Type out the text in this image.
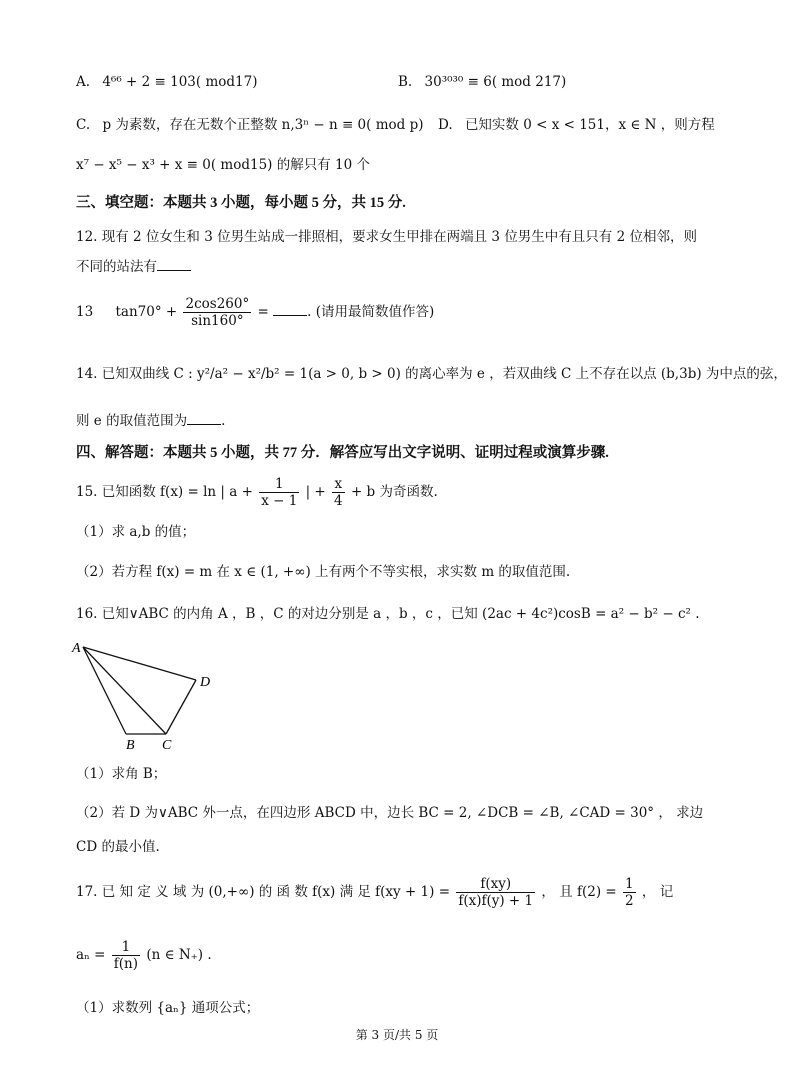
A. 4⁶⁶ + 2 ≡ 103( mod17)	B. 30³⁰³⁰ ≡ 6( mod 217)
C. p 为素数，存在无数个正整数 n,3ⁿ − n ≡ 0( mod p) D. 已知实数 0 < x < 151，x ∈ N ，则方程
x⁷ − x⁵ − x³ + x ≡ 0( mod15) 的解只有 10 个
三、填空题：本题共 3 小题，每小题 5 分，共 15 分.
12. 现有 2 位女生和 3 位男生站成一排照相，要求女生甲排在两端且 3 位男生中有且只有 2 位相邻，则
不同的站法有
13 $\tan 70^\circ + \frac{2\cos 260^\circ}{\sin 160^\circ}$ =	. (请用最简数值作答)
14. 已知双曲线 C : y²/a² − x²/b² = 1(a > 0, b > 0) 的离心率为 e ，若双曲线 C 上不存在以点 (b,3b) 为中点的弦，
则 e 的取值范围为	.
四、解答题：本题共 5 小题，共 77 分．解答应写出文字说明、证明过程或演算步骤.
15. 已知函数 f(x) = ln | $a + \frac{1}{x - 1}$ | + $\frac{x}{4} + b$ 为奇函数.
（1）求 a,b 的值；
（2）若方程 f(x) = m 在 x ∈ (1, +∞) 上有两个不等实根，求实数 m 的取值范围.
16. 已知∨ABC 的内角 A ，B ，C 的对边分别是 a ，b ，c ，已知 (2ac + 4c²)cosB = a² − b² − c² .
A
D
B C
（1）求角 B；
（2）若 D 为∨ABC 外一点，在四边形 ABCD 中，边长 BC = 2, ∠DCB = ∠B, ∠CAD = 30° ， 求边
CD 的最小值.
17. 已 知 定 义 域 为 (0,+∞) 的 函 数 f(x) 满 足 $f(xy + 1) = \frac{f(xy)}{f(x)f(y) + 1}$ ， 且 $f(2) = \frac{1}{2}$ ， 记
$a_n = \frac{1}{f(n)} (n$ ∈ N₊) .
（1）求数列 {aₙ} 通项公式；
第 3 页/共 5 页
